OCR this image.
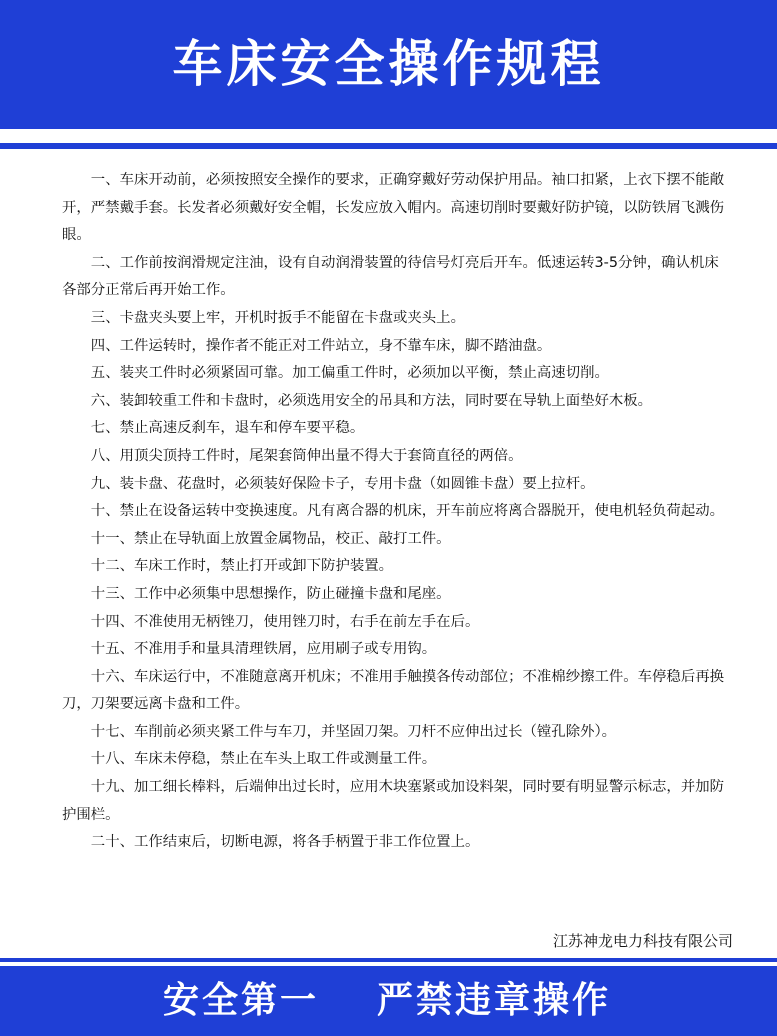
车床安全操作规程

一、车床开动前，必须按照安全操作的要求，正确穿戴好劳动保护用品。袖口扣紧，上衣下摆不能敞开，严禁戴手套。长发者必须戴好安全帽，长发应放入帽内。高速切削时要戴好防护镜，以防铁屑飞溅伤眼。

二、工作前按润滑规定注油，设有自动润滑装置的待信号灯亮后开车。低速运转3-5分钟，确认机床各部分正常后再开始工作。

三、卡盘夹头要上牢，开机时扳手不能留在卡盘或夹头上。

四、工件运转时，操作者不能正对工件站立，身不靠车床，脚不踏油盘。

五、装夹工件时必须紧固可靠。加工偏重工件时，必须加以平衡，禁止高速切削。

六、装卸较重工件和卡盘时，必须选用安全的吊具和方法，同时要在导轨上面垫好木板。

七、禁止高速反刹车，退车和停车要平稳。

八、用顶尖顶持工件时，尾架套筒伸出量不得大于套筒直径的两倍。

九、装卡盘、花盘时，必须装好保险卡子，专用卡盘（如圆锥卡盘）要上拉杆。

十、禁止在设备运转中变换速度。凡有离合器的机床，开车前应将离合器脱开，使电机轻负荷起动。

十一、禁止在导轨面上放置金属物品，校正、敲打工件。

十二、车床工作时，禁止打开或卸下防护装置。

十三、工作中必须集中思想操作，防止碰撞卡盘和尾座。

十四、不准使用无柄锉刀，使用锉刀时，右手在前左手在后。

十五、不准用手和量具清理铁屑，应用刷子或专用钩。

十六、车床运行中，不准随意离开机床；不准用手触摸各传动部位；不准棉纱擦工件。车停稳后再换刀，刀架要远离卡盘和工件。

十七、车削前必须夹紧工件与车刀，并坚固刀架。刀杆不应伸出过长（镗孔除外）。

十八、车床未停稳，禁止在车头上取工件或测量工件。

十九、加工细长棒料，后端伸出过长时，应用木块塞紧或加设料架，同时要有明显警示标志，并加防护围栏。

二十、工作结束后，切断电源，将各手柄置于非工作位置上。

江苏神龙电力科技有限公司
安全第一 严禁违章操作
